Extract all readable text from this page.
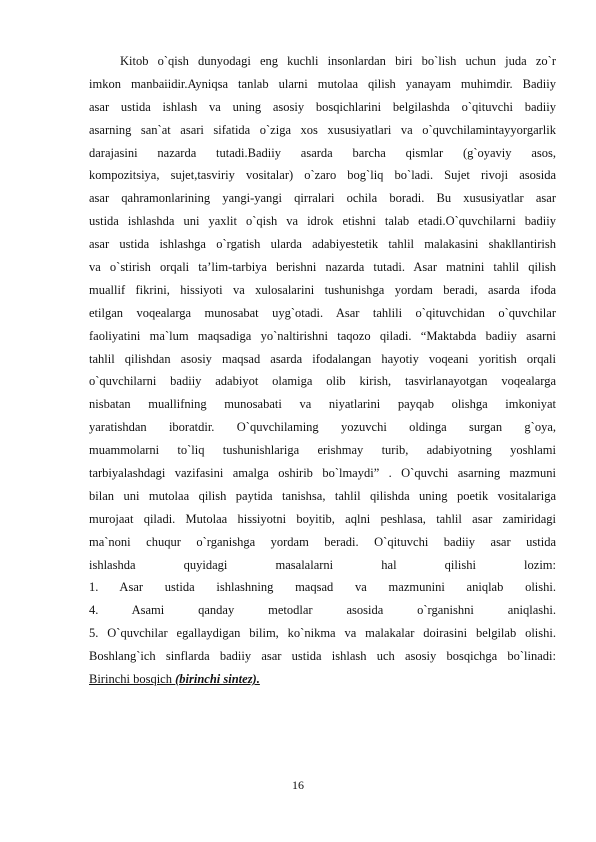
Kitob o`qish dunyodagi eng kuchli insonlardan biri bo`lish uchun juda zo`r
imkon manbaiidir.Ayniqsa tanlab ularni mutolaa qilish yanayam muhimdir. Badiiy
asar ustida ishlash va uning asosiy bosqichlarini belgilashda o`qituvchi badiiy
asarning san`at asari sifatida o`ziga xos xususiyatlari va o`quvchilamintayyorgarlik
darajasini nazarda tutadi.Badiiy asarda barcha qismlar (g`oyaviy asos,
kompozitsiya, sujet,tasviriy vositalar) o`zaro bog`liq bo`ladi. Sujet rivoji asosida
asar qahramonlarining yangi-yangi qirralari ochila boradi. Bu xususiyatlar asar
ustida ishlashda uni yaxlit o`qish va idrok etishni talab etadi.O`quvchilarni badiiy
asar ustida ishlashga o`rgatish ularda adabiyestetik tahlil malakasini shakllantirish
va o`stirish orqali ta’lim-tarbiya berishni nazarda tutadi. Asar matnini tahlil qilish
muallif fikrini, hissiyoti va xulosalarini tushunishga yordam beradi, asarda ifoda
etilgan voqealarga munosabat uyg`otadi. Asar tahlili o`qituvchidan o`quvchilar
faoliyatini ma`lum maqsadiga yo`naltirishni taqozo qiladi. “Maktabda badiiy asarni
tahlil qilishdan asosiy maqsad asarda ifodalangan hayotiy voqeani yoritish orqali
o`quvchilarni badiiy adabiyot olamiga olib kirish, tasvirlanayotgan voqealarga
nisbatan muallifning munosabati va niyatlarini payqab olishga imkoniyat
yaratishdan iboratdir. O`quvchilaming yozuvchi oldinga surgan g`oya,
muammolarni to`liq tushunishlariga erishmay turib, adabiyotning yoshlami
tarbiyalashdagi vazifasini amalga oshirib bo`lmaydi” . O`quvchi asarning mazmuni
bilan uni mutolaa qilish paytida tanishsa, tahlil qilishda uning poetik vositalariga
murojaat qiladi. Mutolaa hissiyotni boyitib, aqlni peshlasa, tahlil asar zamiridagi
ma`noni chuqur o`rganishga yordam beradi. O`qituvchi badiiy asar ustida
ishlashda quyidagi masalalarni hal qilishi lozim:
1. Asar ustida ishlashning maqsad va mazmunini aniqlab olishi.
4. Asami qanday metodlar asosida o`rganishni aniqlashi.
5. O`quvchilar egallaydigan bilim, ko`nikma va malakalar doirasini belgilab olishi.
Boshlang`ich sinflarda badiiy asar ustida ishlash uch asosiy bosqichga bo`linadi:
Birinchi bosqich (birinchi sintez).
16
